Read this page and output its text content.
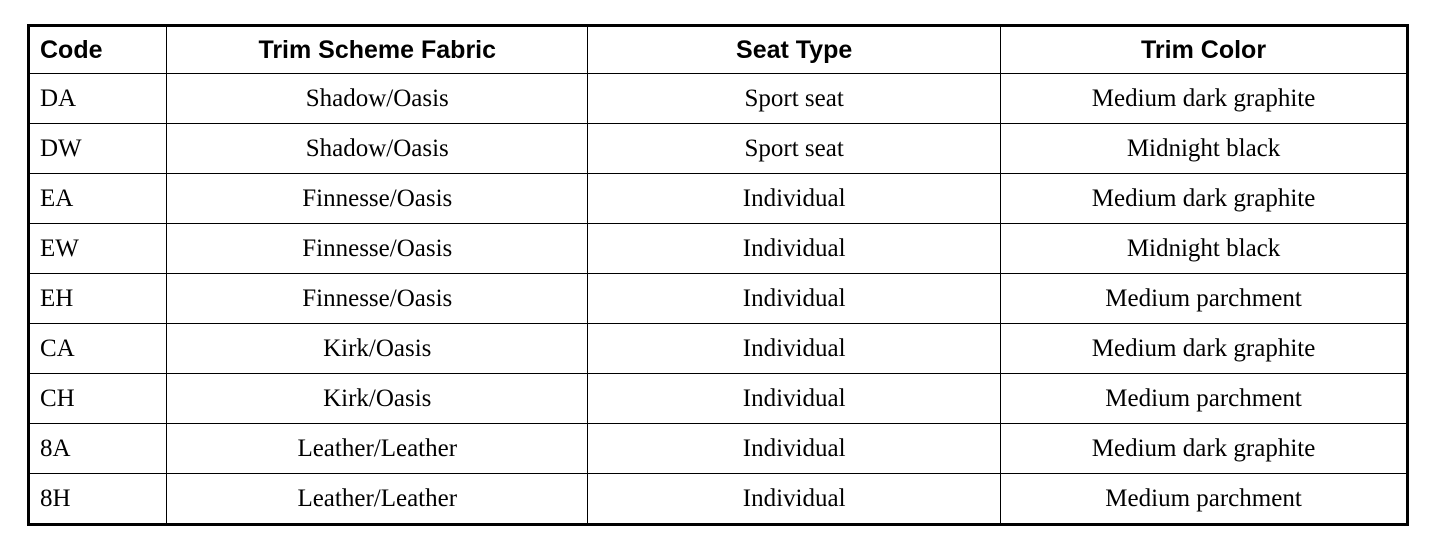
Code	Trim Scheme Fabric	Seat Type	Trim Color
DA	Shadow/Oasis	Sport seat	Medium dark graphite
DW	Shadow/Oasis	Sport seat	Midnight black
EA	Finnesse/Oasis	Individual	Medium dark graphite
EW	Finnesse/Oasis	Individual	Midnight black
EH	Finnesse/Oasis	Individual	Medium parchment
CA	Kirk/Oasis	Individual	Medium dark graphite
CH	Kirk/Oasis	Individual	Medium parchment
8A	Leather/Leather	Individual	Medium dark graphite
8H	Leather/Leather	Individual	Medium parchment
